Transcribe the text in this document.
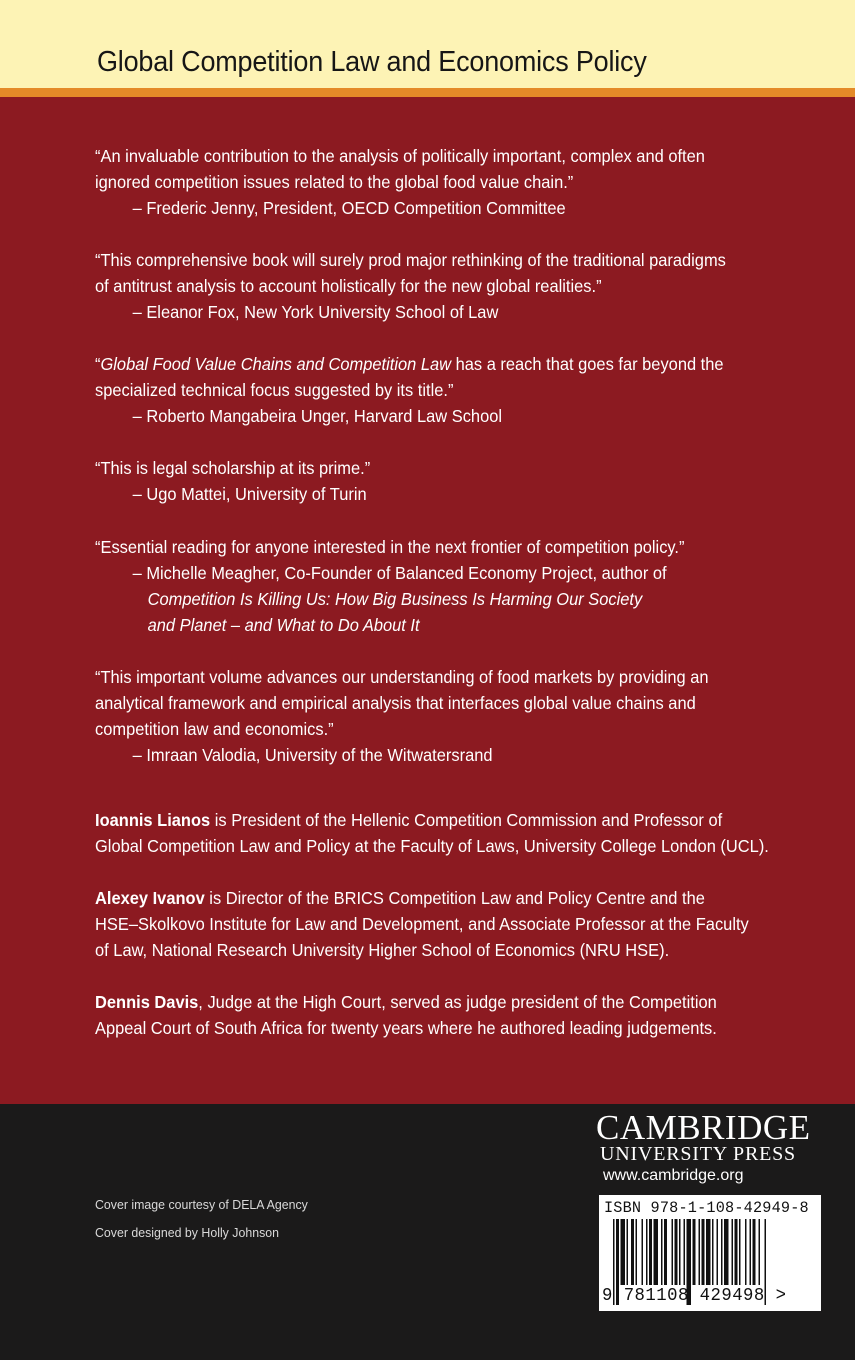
Global Competition Law and Economics Policy
“An invaluable contribution to the analysis of politically important, complex and often
ignored competition issues related to the global food value chain.”
– Frederic Jenny, President, OECD Competition Committee
“This comprehensive book will surely prod major rethinking of the traditional paradigms
of antitrust analysis to account holistically for the new global realities.”
– Eleanor Fox, New York University School of Law
“Global Food Value Chains and Competition Law has a reach that goes far beyond the
specialized technical focus suggested by its title.”
– Roberto Mangabeira Unger, Harvard Law School
“This is legal scholarship at its prime.”
– Ugo Mattei, University of Turin
“Essential reading for anyone interested in the next frontier of competition policy.”
– Michelle Meagher, Co-Founder of Balanced Economy Project, author of
Competition Is Killing Us: How Big Business Is Harming Our Society
and Planet – and What to Do About It
“This important volume advances our understanding of food markets by providing an
analytical framework and empirical analysis that interfaces global value chains and
competition law and economics.”
– Imraan Valodia, University of the Witwatersrand
Ioannis Lianos is President of the Hellenic Competition Commission and Professor of
Global Competition Law and Policy at the Faculty of Laws, University College London (UCL).
Alexey Ivanov is Director of the BRICS Competition Law and Policy Centre and the
HSE–Skolkovo Institute for Law and Development, and Associate Professor at the Faculty
of Law, National Research University Higher School of Economics (NRU HSE).
Dennis Davis, Judge at the High Court, served as judge president of the Competition
Appeal Court of South Africa for twenty years where he authored leading judgements.
Cover image courtesy of DELA Agency
Cover designed by Holly Johnson
CAMBRIDGE
UNIVERSITY PRESS
www.cambridge.org
ISBN 978-1-108-42949-8
9 781108 429498 >
